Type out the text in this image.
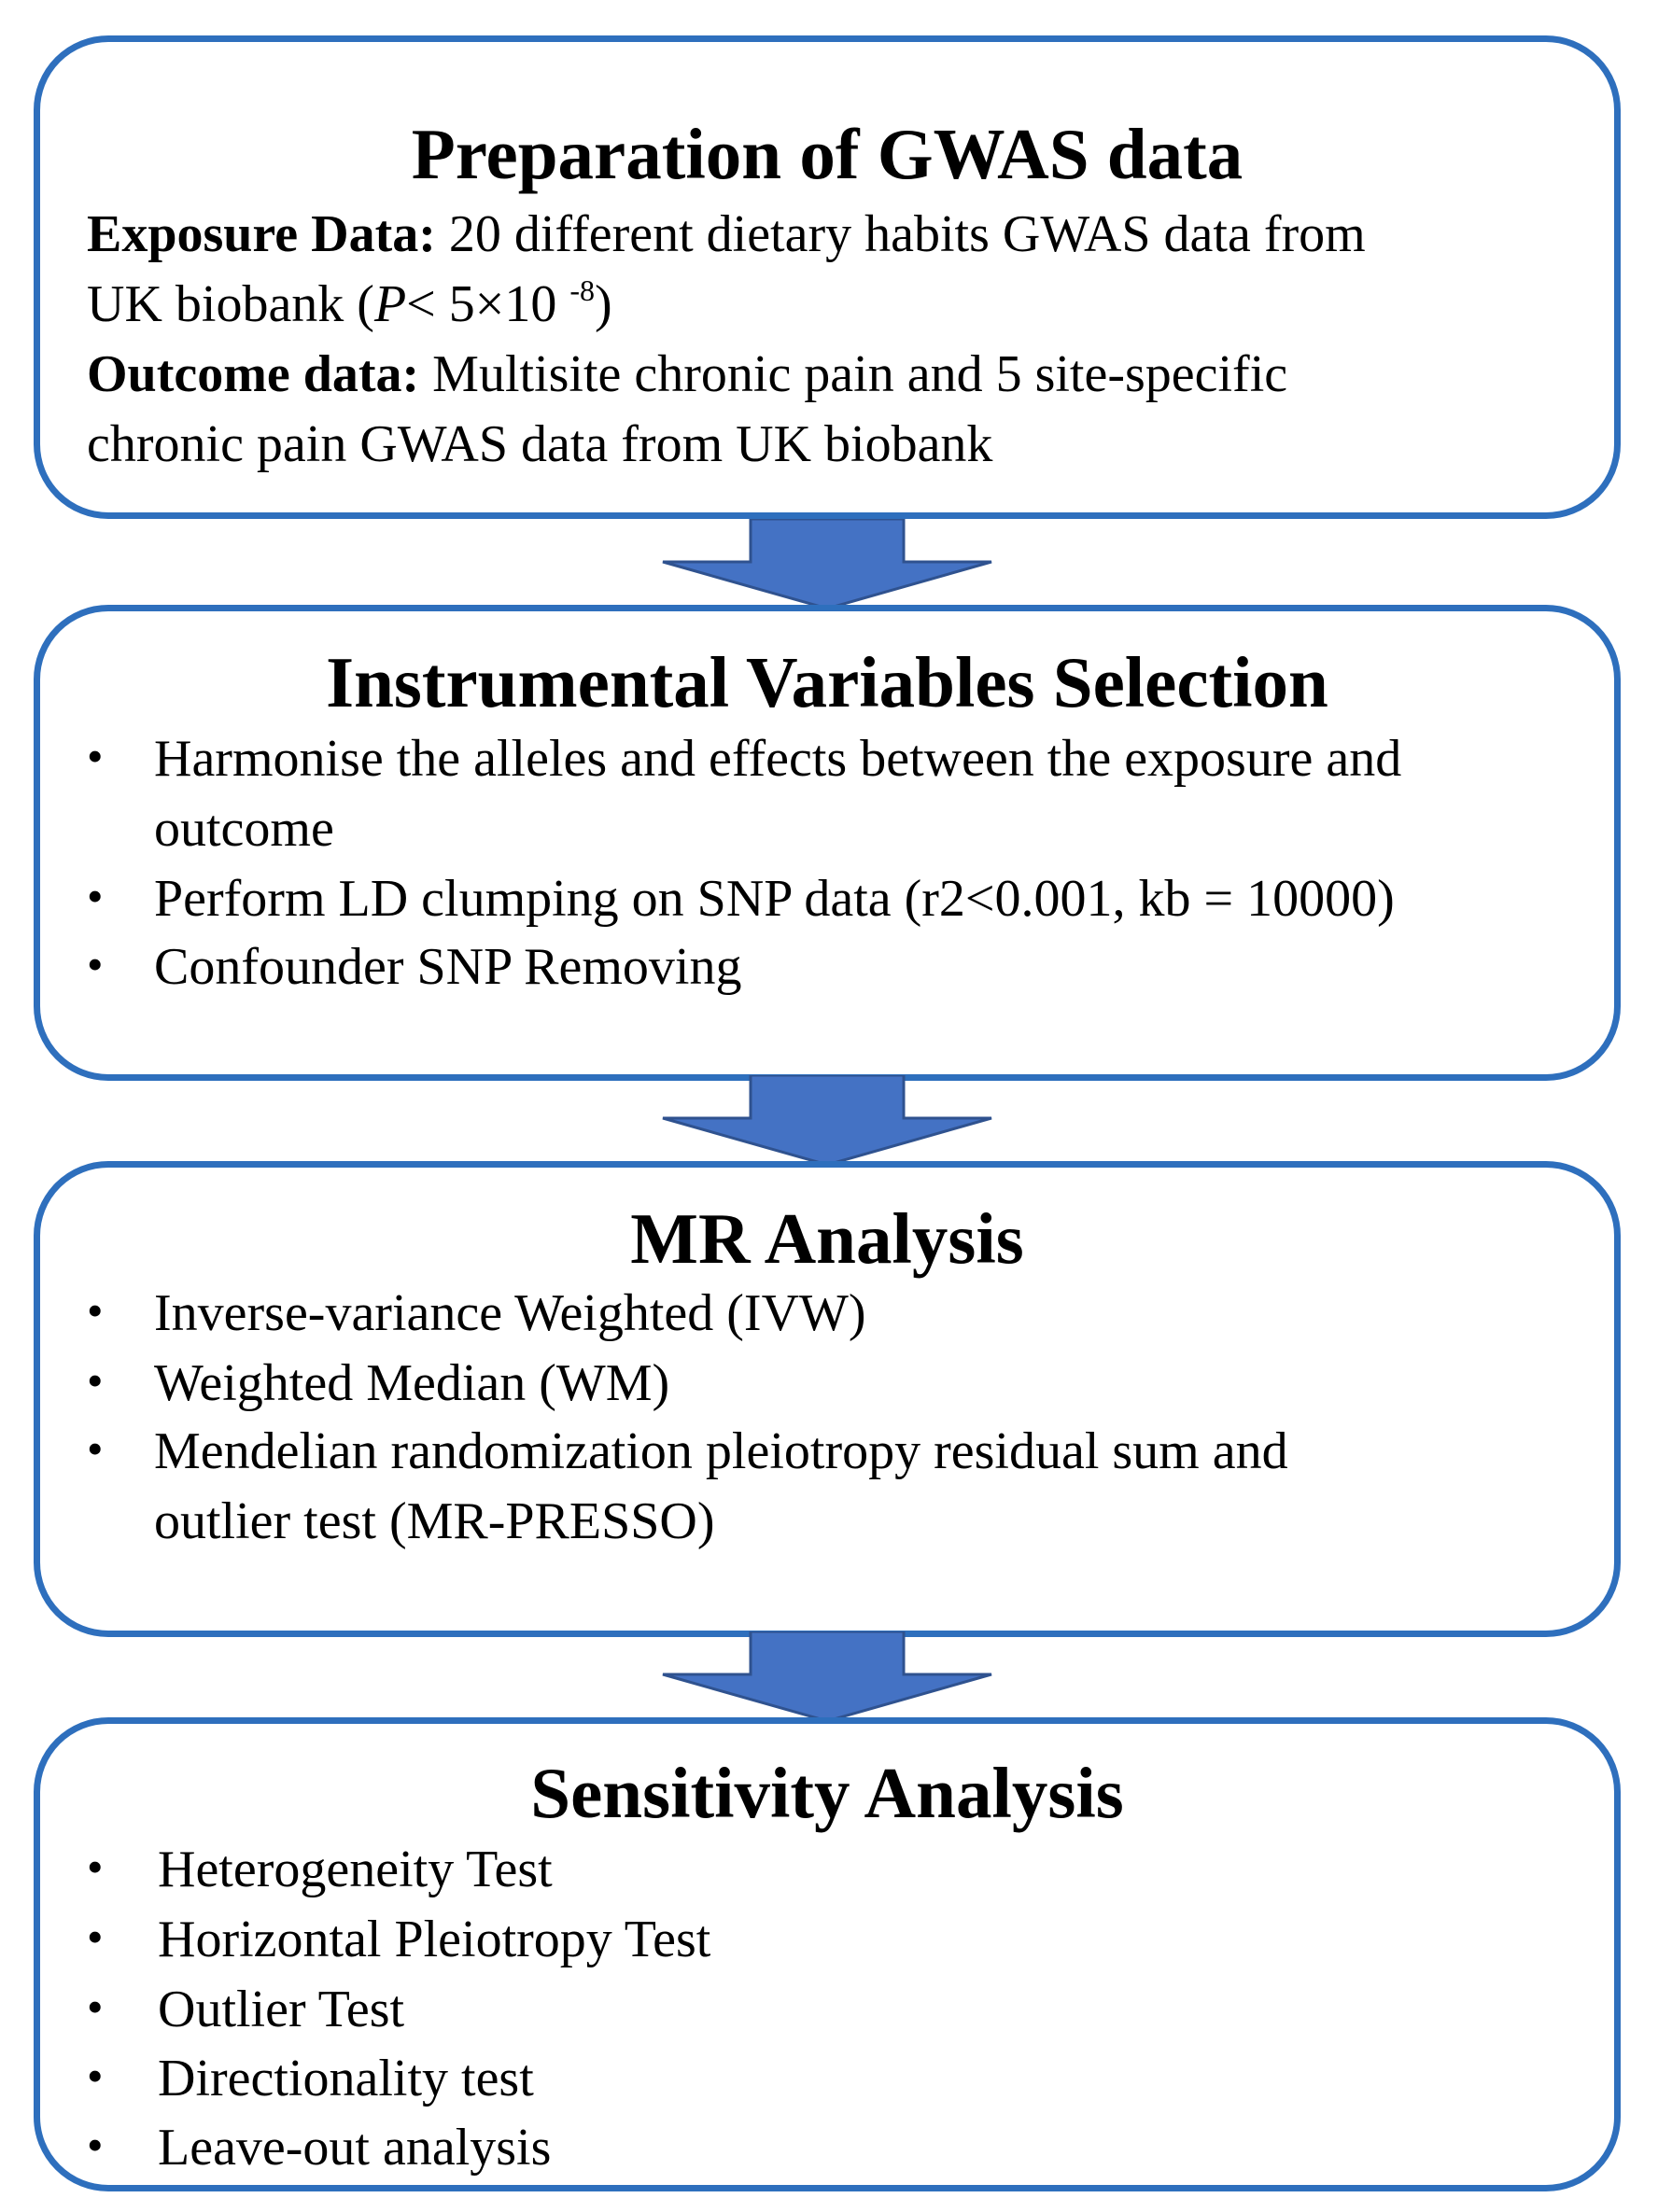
Preparation of GWAS data
Exposure Data: 20 different dietary habits GWAS data from
UK biobank (P< 5×10 $^{-8}$)
Outcome data: Multisite chronic pain and 5 site-specific
chronic pain GWAS data from UK biobank
Instrumental Variables Selection
• Harmonise the alleles and effects between the exposure and
outcome
• Perform LD clumping on SNP data (r2<0.001, kb = 10000)
• Confounder SNP Removing
MR Analysis
• Inverse-variance Weighted (IVW)
• Weighted Median (WM)
• Mendelian randomization pleiotropy residual sum and
outlier test (MR-PRESSO)
Sensitivity Analysis
• Heterogeneity Test
• Horizontal Pleiotropy Test
• Outlier Test
• Directionality test
• Leave-out analysis
